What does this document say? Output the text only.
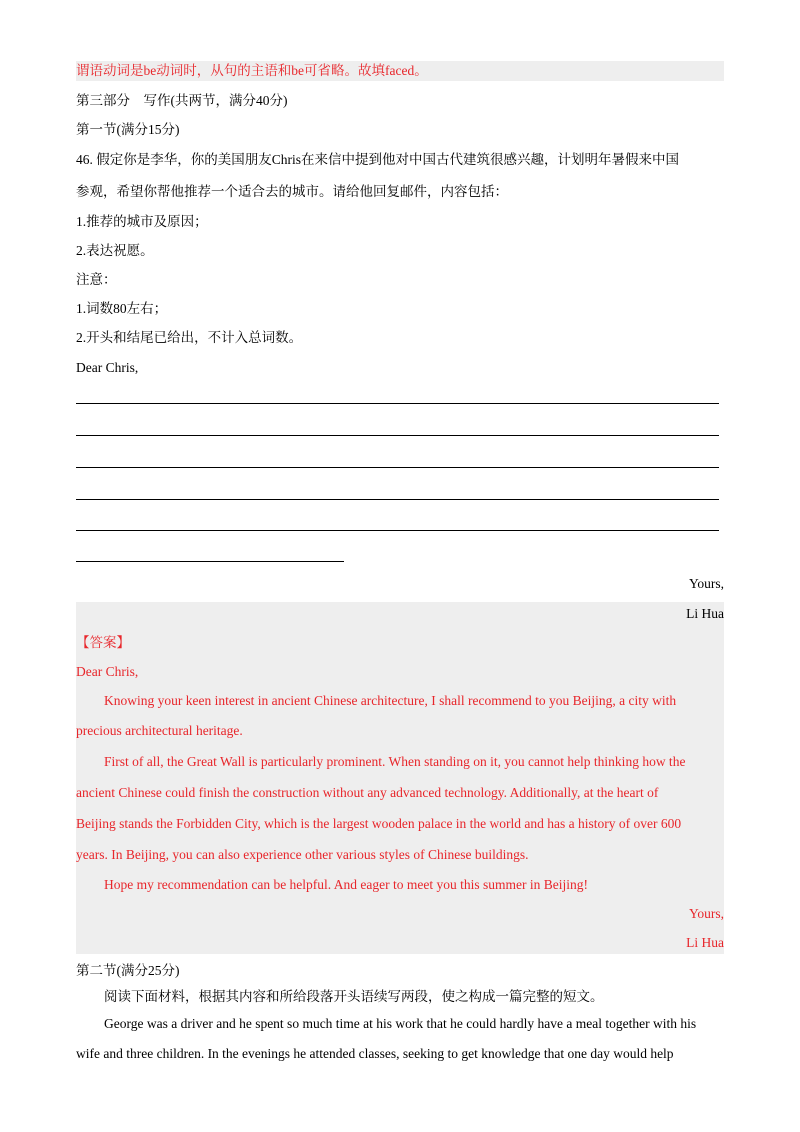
谓语动词是be动词时，从句的主语和be可省略。故填faced。
第三部分　写作(共两节，满分40分)
第一节(满分15分)
46. 假定你是李华，你的美国朋友Chris在来信中提到他对中国古代建筑很感兴趣，计划明年暑假来中国
参观，希望你帮他推荐一个适合去的城市。请给他回复邮件，内容包括：
1.推荐的城市及原因；
2.表达祝愿。
注意：
1.词数80左右；
2.开头和结尾已给出，不计入总词数。
Dear Chris,
Yours,
Li Hua
【答案】
Dear Chris,
Knowing your keen interest in ancient Chinese architecture, I shall recommend to you Beijing, a city with
precious architectural heritage.
First of all, the Great Wall is particularly prominent. When standing on it, you cannot help thinking how the
ancient Chinese could finish the construction without any advanced technology. Additionally, at the heart of
Beijing stands the Forbidden City, which is the largest wooden palace in the world and has a history of over 600
years. In Beijing, you can also experience other various styles of Chinese buildings.
Hope my recommendation can be helpful. And eager to meet you this summer in Beijing!
Yours,
Li Hua
第二节(满分25分)
阅读下面材料，根据其内容和所给段落开头语续写两段，使之构成一篇完整的短文。
George was a driver and he spent so much time at his work that he could hardly have a meal together with his
wife and three children. In the evenings he attended classes, seeking to get knowledge that one day would help
